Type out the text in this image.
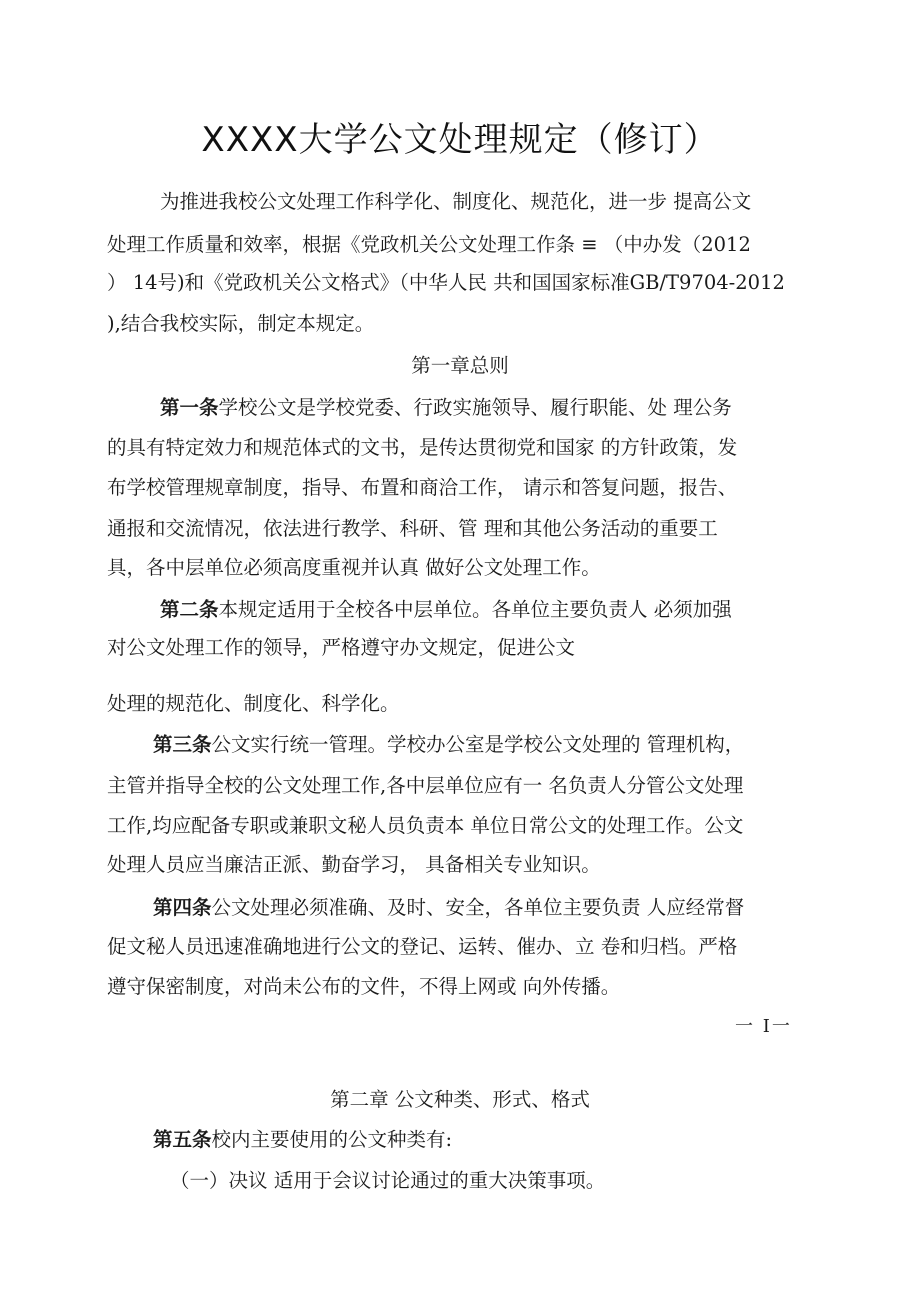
XXXX大学公文处理规定（修订）

为推进我校公文处理工作科学化、制度化、规范化，进一步 提高公文

处理工作质量和效率，根据《党政机关公文处理工作条 ≡ （中办发（2012

） 14号)和《党政机关公文格式》（中华人民 共和国国家标准GB/T9704-2012

),结合我校实际，制定本规定。

第一章总则

第一条学校公文是学校党委、行政实施领导、履行职能、处 理公务

的具有特定效力和规范体式的文书，是传达贯彻党和国家 的方针政策，发

布学校管理规章制度，指导、布置和商洽工作， 请示和答复问题，报告、

通报和交流情况，依法进行教学、科研、管 理和其他公务活动的重要工

具，各中层单位必须高度重视并认真 做好公文处理工作。

第二条本规定适用于全校各中层单位。各单位主要负责人 必须加强

对公文处理工作的领导，严格遵守办文规定，促进公文

处理的规范化、制度化、科学化。

第三条公文实行统一管理。学校办公室是学校公文处理的 管理机构，

主管并指导全校的公文处理工作,各中层单位应有一 名负责人分管公文处理

工作,均应配备专职或兼职文秘人员负责本 单位日常公文的处理工作。公文

处理人员应当廉洁正派、勤奋学习， 具备相关专业知识。

第四条公文处理必须准确、及时、安全，各单位主要负责 人应经常督

促文秘人员迅速准确地进行公文的登记、运转、催办、立 卷和归档。严格

遵守保密制度，对尚未公布的文件，不得上网或 向外传播。

一 I一

第二章 公文种类、形式、格式

第五条校内主要使用的公文种类有:

（一）决议 适用于会议讨论通过的重大决策事项。
